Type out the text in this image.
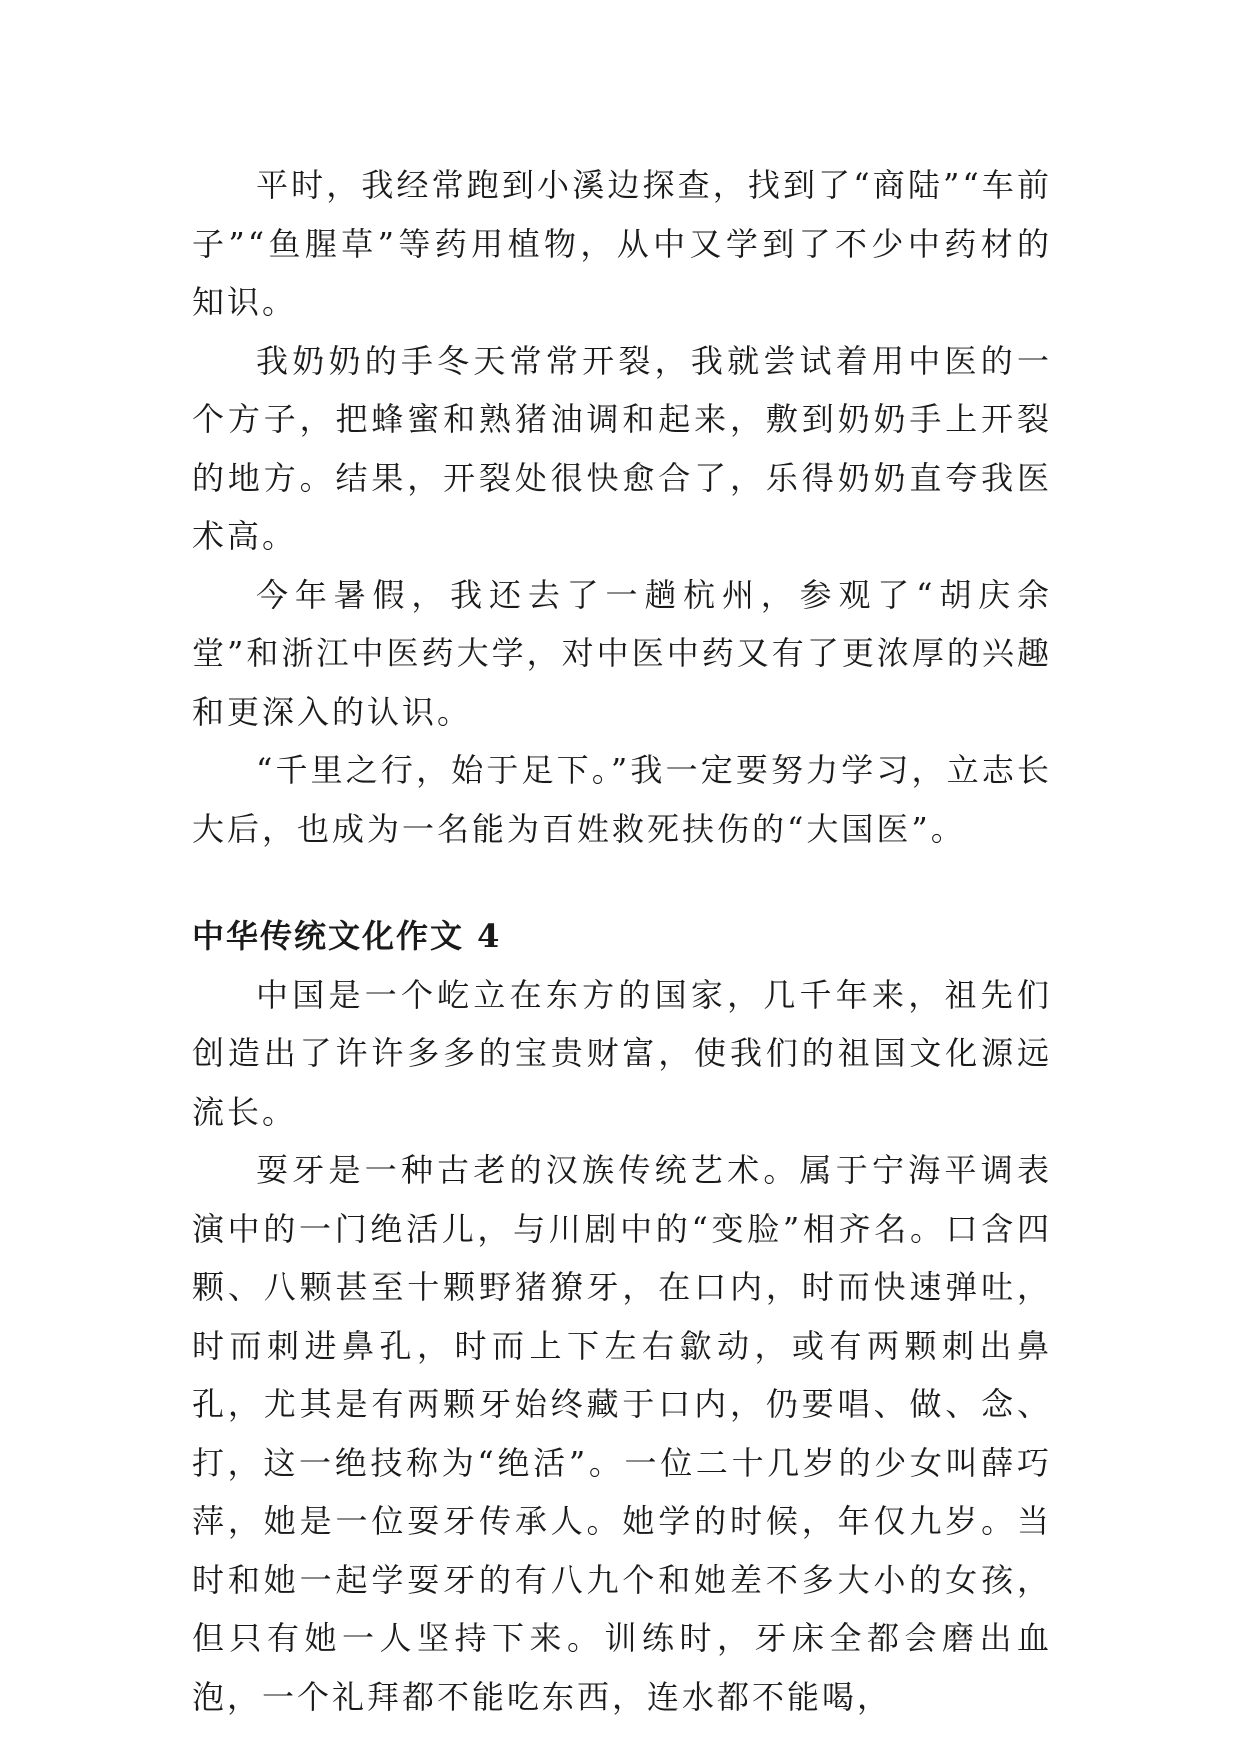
平时，我经常跑到小溪边探查，找到了“商陆”“车前子”“鱼腥草”等药用植物，从中又学到了不少中药材的知识。

我奶奶的手冬天常常开裂，我就尝试着用中医的一个方子，把蜂蜜和熟猪油调和起来，敷到奶奶手上开裂的地方。结果，开裂处很快愈合了，乐得奶奶直夸我医术高。

今年暑假，我还去了一趟杭州，参观了“胡庆余堂”和浙江中医药大学，对中医中药又有了更浓厚的兴趣和更深入的认识。

“千里之行，始于足下。”我一定要努力学习，立志长大后，也成为一名能为百姓救死扶伤的“大国医”。

中华传统文化作文 4

中国是一个屹立在东方的国家，几千年来，祖先们创造出了许许多多的宝贵财富，使我们的祖国文化源远流长。

耍牙是一种古老的汉族传统艺术。属于宁海平调表演中的一门绝活儿，与川剧中的“变脸”相齐名。口含四颗、八颗甚至十颗野猪獠牙，在口内，时而快速弹吐，时而刺进鼻孔，时而上下左右歙动，或有两颗刺出鼻孔，尤其是有两颗牙始终藏于口内，仍要唱、做、念、打，这一绝技称为“绝活”。一位二十几岁的少女叫薛巧萍，她是一位耍牙传承人。她学的时候，年仅九岁。当时和她一起学耍牙的有八九个和她差不多大小的女孩，但只有她一人坚持下来。训练时，牙床全都会磨出血泡，一个礼拜都不能吃东西，连水都不能喝，
